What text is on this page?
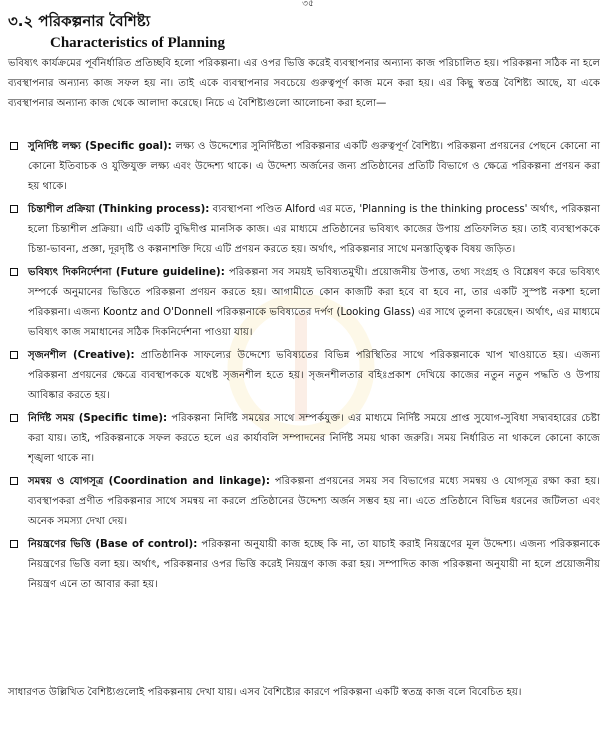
৩৫
৩.২ পরিকল্পনার বৈশিষ্ট্য
Characteristics of Planning
ভবিষ্যৎ কার্যক্রমের পূর্বনির্ধারিত প্রতিচ্ছবি হলো পরিকল্পনা। এর ওপর ভিত্তি করেই ব্যবস্থাপনার অন্যান্য কাজ পরিচালিত হয়। পরিকল্পনা সঠিক না হলে ব্যবস্থাপনার অন্যান্য কাজ সফল হয় না। তাই একে ব্যবস্থাপনার সবচেয়ে গুরুত্বপূর্ণ কাজ মনে করা হয়। এর কিছু স্বতন্ত্র বৈশিষ্ট্য আছে, যা একে ব্যবস্থাপনার অন্যান্য কাজ থেকে আলাদা করেছে। নিচে এ বৈশিষ্ট্যগুলো আলোচনা করা হলো—
সুনির্দিষ্ট লক্ষ্য (Specific goal): লক্ষ্য ও উদ্দেশ্যের সুনির্দিষ্টতা পরিকল্পনার একটি গুরুত্বপূর্ণ বৈশিষ্ট্য। পরিকল্পনা প্রণয়নের পেছনে কোনো না কোনো ইতিবাচক ও যুক্তিযুক্ত লক্ষ্য এবং উদ্দেশ্য থাকে। এ উদ্দেশ্য অর্জনের জন্য প্রতিষ্ঠানের প্রতিটি বিভাগে ও ক্ষেত্রে পরিকল্পনা প্রণয়ন করা হয় থাকে।
চিন্তাশীল প্রক্রিয়া (Thinking process): ব্যবস্থাপনা পণ্ডিত Alford এর মতে, 'Planning is the thinking process' অর্থাৎ, পরিকল্পনা হলো চিন্তাশীল প্রক্রিয়া। এটি একটি বুদ্ধিদীপ্ত মানসিক কাজ। এর মাধ্যমে প্রতিষ্ঠানের ভবিষ্যৎ কাজের উপায় প্রতিফলিত হয়। তাই ব্যবস্থাপককে চিন্তা-ভাবনা, প্রজ্ঞা, দূরদৃষ্টি ও কল্পনাশক্তি দিয়ে এটি প্রণয়ন করতে হয়। অর্থাৎ, পরিকল্পনার সাথে মনস্তাত্ত্বিক বিষয় জড়িত।
ভবিষ্যৎ দিকনির্দেশনা (Future guideline): পরিকল্পনা সব সময়ই ভবিষ্যতমুখী। প্রয়োজনীয় উপাত্ত, তথ্য সংগ্রহ ও বিশ্লেষণ করে ভবিষ্যৎ সম্পর্কে অনুমানের ভিত্তিতে পরিকল্পনা প্রণয়ন করতে হয়। আগামীতে কোন কাজটি করা হবে বা হবে না, তার একটি সুস্পষ্ট নকশা হলো পরিকল্পনা। এজন্য Koontz and O'Donnell পরিকল্পনাকে ভবিষ্যতের দর্পণ (Looking Glass) এর সাথে তুলনা করেছেন। অর্থাৎ, এর মাধ্যমে ভবিষ্যৎ কাজ সমাধানের সঠিক দিকনির্দেশনা পাওয়া যায়।
সৃজনশীল (Creative): প্রাতিষ্ঠানিক সাফল্যের উদ্দেশ্যে ভবিষ্যতের বিভিন্ন পরিস্থিতির সাথে পরিকল্পনাকে খাপ খাওয়াতে হয়। এজন্য পরিকল্পনা প্রণয়নের ক্ষেত্রে ব্যবস্থাপককে যথেষ্ট সৃজনশীল হতে হয়। সৃজনশীলতার বহিঃপ্রকাশ দেখিয়ে কাজের নতুন নতুন পদ্ধতি ও উপায় আবিষ্কার করতে হয়।
নির্দিষ্ট সময় (Specific time): পরিকল্পনা নির্দিষ্ট সময়ের সাথে সম্পর্কযুক্ত। এর মাধ্যমে নির্দিষ্ট সময়ে প্রাপ্ত সুযোগ-সুবিধা সদ্ব্যবহারের চেষ্টা করা যায়। তাই, পরিকল্পনাকে সফল করতে হলে এর কার্যাবলি সম্পাদনের নির্দিষ্ট সময় থাকা জরুরি। সময় নির্ধারিত না থাকলে কোনো কাজে শৃঙ্খলা থাকে না।
সমন্বয় ও যোগসূত্র (Coordination and linkage): পরিকল্পনা প্রণয়নের সময় সব বিভাগের মধ্যে সমন্বয় ও যোগসূত্র রক্ষা করা হয়। ব্যবস্থাপকরা প্রণীত পরিকল্পনার সাথে সমন্বয় না করলে প্রতিষ্ঠানের উদ্দেশ্য অর্জন সম্ভব হয় না। এতে প্রতিষ্ঠানে বিভিন্ন ধরনের জটিলতা এবং অনেক সমস্যা দেখা দেয়।
নিয়ন্ত্রণের ভিত্তি (Base of control): পরিকল্পনা অনুযায়ী কাজ হচ্ছে কি না, তা যাচাই করাই নিয়ন্ত্রণের মূল উদ্দেশ্য। এজন্য পরিকল্পনাকে নিয়ন্ত্রণের ভিত্তি বলা হয়। অর্থাৎ, পরিকল্পনার ওপর ভিত্তি করেই নিয়ন্ত্রণ কাজ করা হয়। সম্পাদিত কাজ পরিকল্পনা অনুযায়ী না হলে প্রয়োজনীয় নিয়ন্ত্রণ এনে তা আবার করা হয়।
সাধারণত উল্লিখিত বৈশিষ্ট্যগুলোই পরিকল্পনায় দেখা যায়। এসব বৈশিষ্ট্যের কারণে পরিকল্পনা একটি স্বতন্ত্র কাজ বলে বিবেচিত হয়।
